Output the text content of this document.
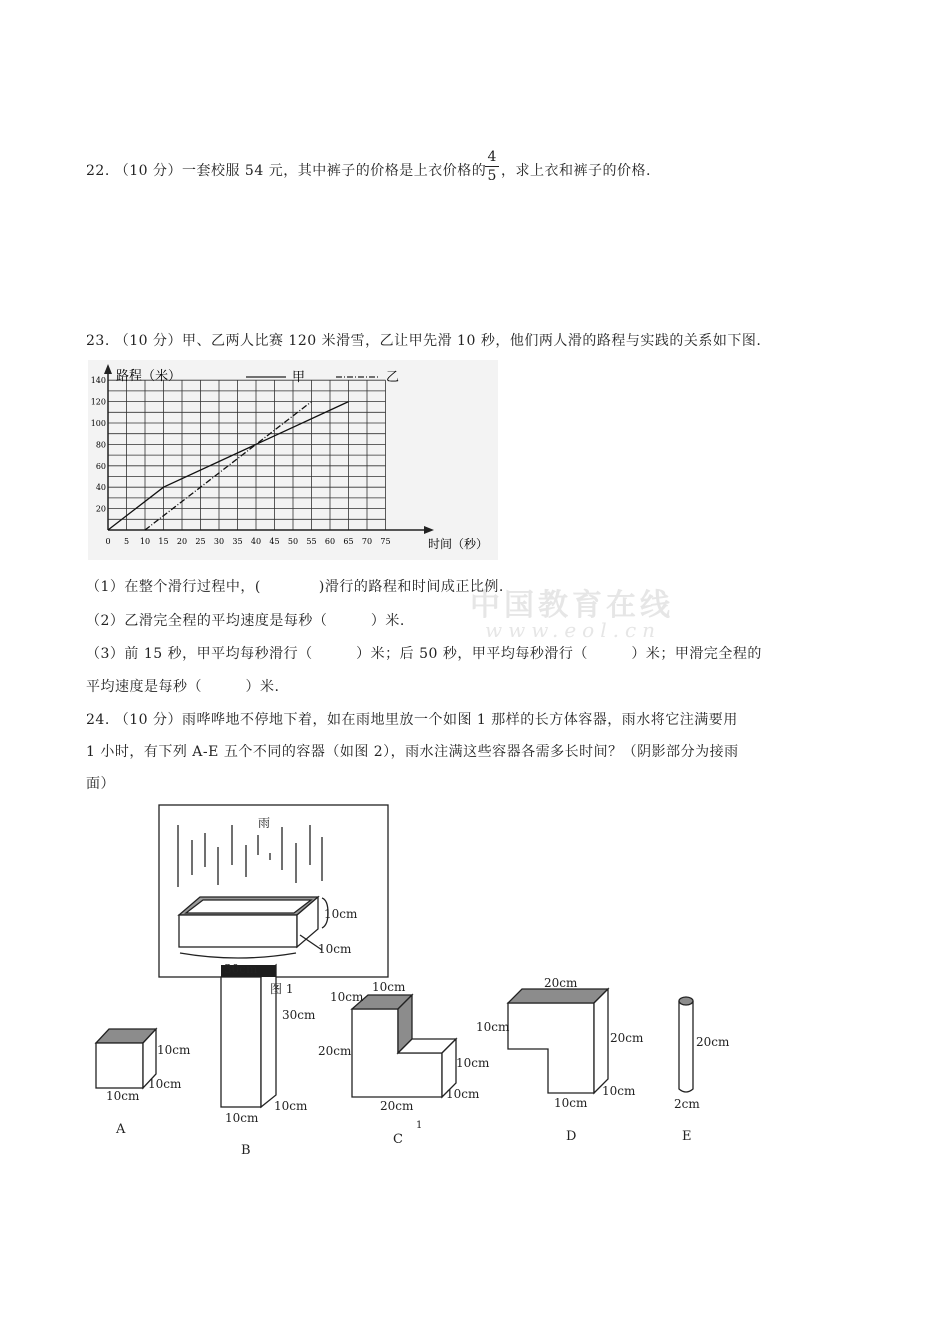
22. （10 分）一套校服 54 元，其中裤子的价格是上衣价格的
$\frac{4}{5}$ ，求上衣和裤子的价格.
23. （10 分）甲、乙两人比赛 120 米滑雪，乙让甲先滑 10 秒，他们两人滑的路程与实践的关系如下图.
路程（米）
时间（秒）
甲	乙
0 5 10 15 20 25 30 35 40 45 50 55 60 65 70 75
20
40
60
80
100
120
140
中国教育在线
www.eol.cn
（1）在整个滑行过程中，(　　　　)滑行的路程和时间成正比例.
（2）乙滑完全程的平均速度是每秒（　　　）米.
（3）前 15 秒，甲平均每秒滑行（　　　）米；后 50 秒，甲平均每秒滑行（　　　）米；甲滑完全程的
平均速度是每秒（　　　）米.
24. （10 分）雨哗哗地不停地下着，如在雨地里放一个如图 1 那样的长方体容器，雨水将它注满要用
1 小时，有下列 A-E 五个不同的容器（如图 2），雨水注满这些容器各需多长时间？（阴影部分为接雨
面）
雨
10cm
10cm
30cm
图 1
10cm
10cm
10cm
A
30cm
10cm
10cm
B
10cm
10cm
20cm
10cm
10cm
20cm
1
C
20cm
10cm
20cm
10cm
10cm
D
20cm
2cm
E
